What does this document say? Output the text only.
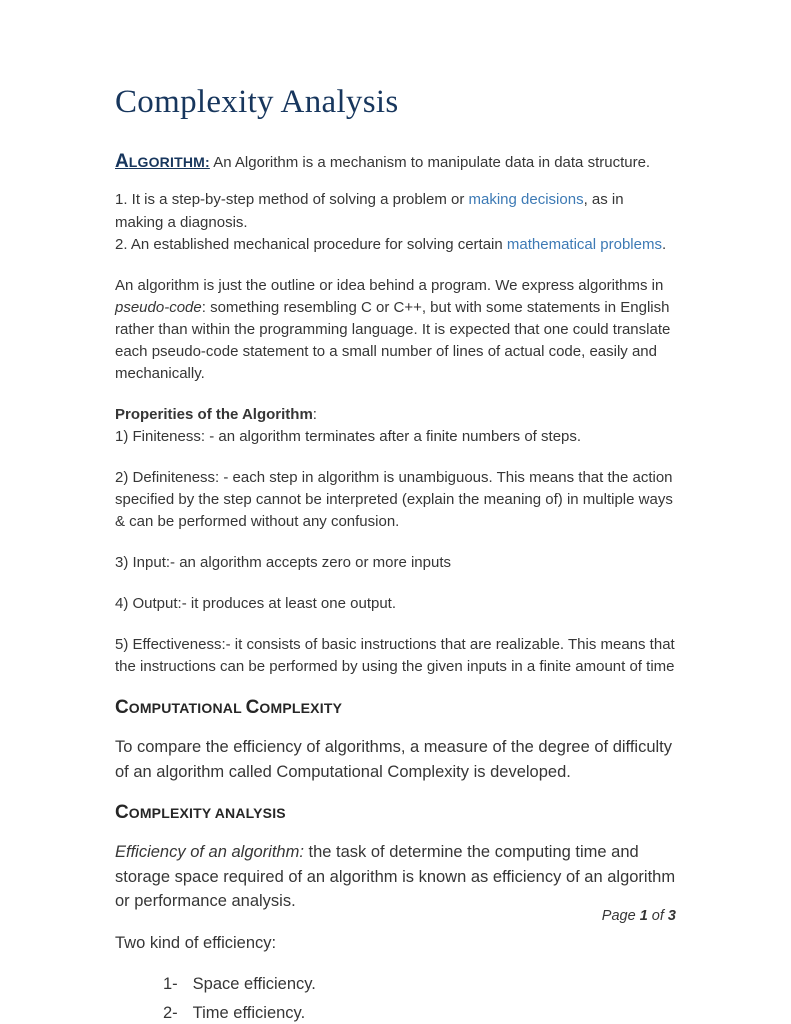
Complexity Analysis

ALGORITHM: An Algorithm is a mechanism to manipulate data in data structure.

1. It is a step-by-step method of solving a problem or making decisions, as in making a diagnosis.
2. An established mechanical procedure for solving certain mathematical problems.

An algorithm is just the outline or idea behind a program. We express algorithms in pseudo-code: something resembling C or C++, but with some statements in English rather than within the programming language. It is expected that one could translate each pseudo-code statement to a small number of lines of actual code, easily and mechanically.

Properities of the Algorithm:
1) Finiteness: - an algorithm terminates after a finite numbers of steps.

2) Definiteness: - each step in algorithm is unambiguous. This means that the action specified by the step cannot be interpreted (explain the meaning of) in multiple ways & can be performed without any confusion.

3) Input:- an algorithm accepts zero or more inputs

4) Output:- it produces at least one output.

5) Effectiveness:- it consists of basic instructions that are realizable. This means that the instructions can be performed by using the given inputs in a finite amount of time

COMPUTATIONAL COMPLEXITY

To compare the efficiency of algorithms, a measure of the degree of difficulty of an algorithm called Computational Complexity is developed.

COMPLEXITY ANALYSIS

Efficiency of an algorithm: the task of determine the computing time and storage space required of an algorithm is known as efficiency of an algorithm or performance analysis.

Two kind of efficiency:

1- Space efficiency.

2- Time efficiency.

Page 1 of 3
